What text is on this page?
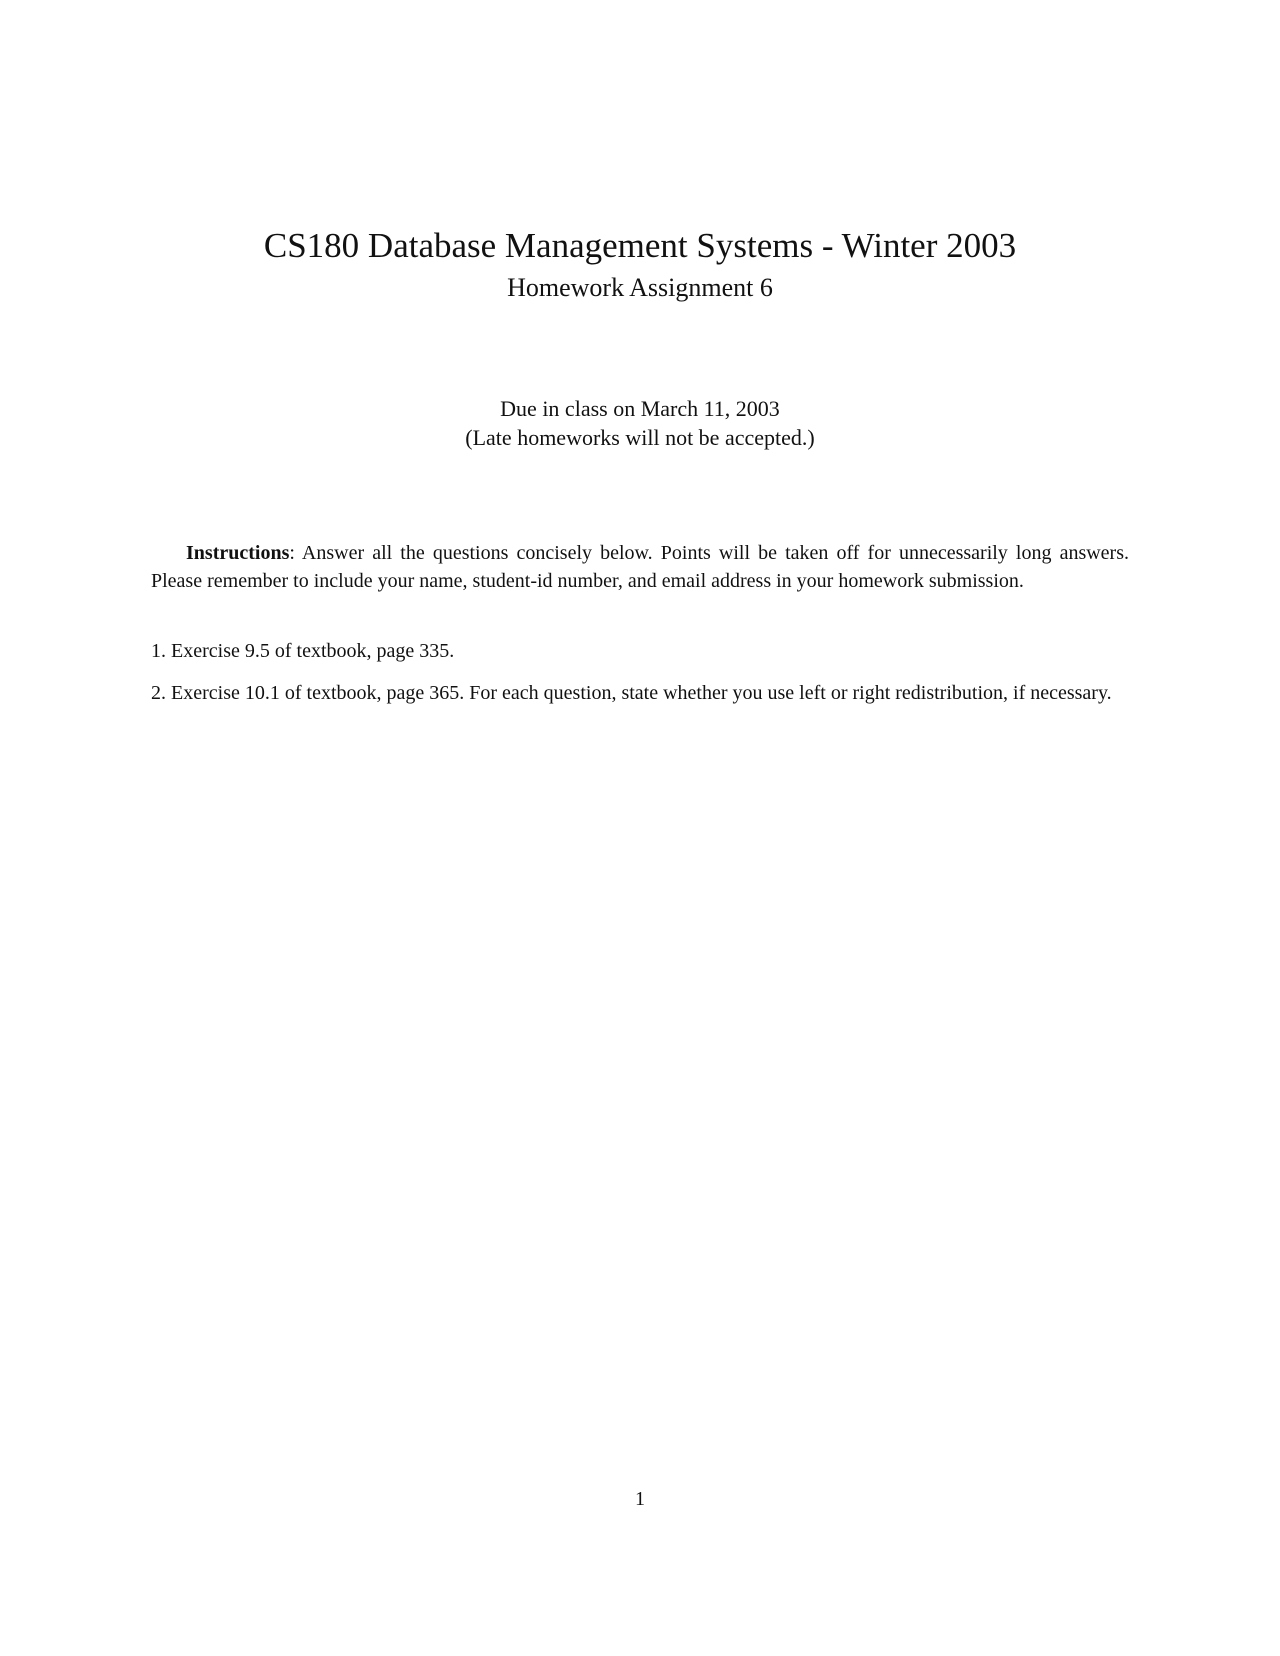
CS180 Database Management Systems - Winter 2003
Homework Assignment 6
Due in class on March 11, 2003
(Late homeworks will not be accepted.)

Instructions: Answer all the questions concisely below. Points will be taken off for unnecessarily long answers. Please remember to include your name, student-id number, and email address in your homework submission.

1. Exercise 9.5 of textbook, page 335.

2. Exercise 10.1 of textbook, page 365. For each question, state whether you use left or right redistribution, if necessary.

1
